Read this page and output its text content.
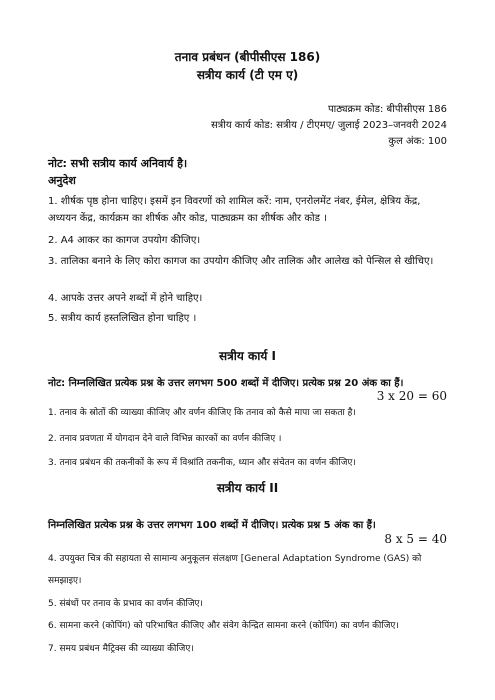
तनाव प्रबंधन (बीपीसीएस 186)
सत्रीय कार्य (टी एम ए)
पाठ्यक्रम कोड: बीपीसीएस 186
सत्रीय कार्य कोड: सत्रीय / टीएमए/ जुलाई 2023–जनवरी 2024
कुल अंक: 100
नोट: सभी सत्रीय कार्य अनिवार्य है।
अनुदेश
1. शीर्षक पृष्ठ होना चाहिए। इसमें इन विवरणों को शामिल करें: नाम, एनरोलमेंट नंबर, ईमेल, क्षेत्रिय केंद्र, अध्ययन केंद्र, कार्यक्रम का शीर्षक और कोड, पाठ्यक्रम का शीर्षक और कोड ।
2. A4 आकर का कागज उपयोग कीजिए।
3. तालिका बनाने के लिए कोरा कागज का उपयोग कीजिए और तालिक और आलेख को पेन्सिल से खीचिए।
4. आपके उत्तर अपने शब्दों में होने चाहिए।
5. सत्रीय कार्य हस्तलिखित होना चाहिए ।
सत्रीय कार्य I
नोट: निम्नलिखित प्रत्येक प्रश्न के उत्तर लगभग 500 शब्दों में दीजिए। प्रत्येक प्रश्न 20 अंक का हैं।
3 x 20 = 60
1. तनाव के स्रोतों की व्याख्या कीजिए और वर्णन कीजिए कि तनाव को कैसे मापा जा सकता है।
2. तनाव प्रवणता में योगदान देने वाले विभिन्न कारकों का वर्णन कीजिए ।
3. तनाव प्रबंधन की तकनीकों के रूप में विश्रांति तकनीक, ध्यान और संचेतन का वर्णन कीजिए।
सत्रीय कार्य II
निम्नलिखित प्रत्येक प्रश्न के उत्तर लगभग 100 शब्दों में दीजिए। प्रत्येक प्रश्न 5 अंक का हैं।
8 x 5 = 40
4. उपयुक्त चित्र की सहायता से सामान्य अनुकूलन संलक्षण [General Adaptation Syndrome (GAS) को समझाइए।
5. संबंधों पर तनाव के प्रभाव का वर्णन कीजिए।
6. सामना करने (कोपिंग) को परिभाषित कीजिए और संवेग केन्द्रित सामना करने (कोपिंग) का वर्णन कीजिए।
7. समय प्रबंधन मैट्रिक्स की व्याख्या कीजिए।
